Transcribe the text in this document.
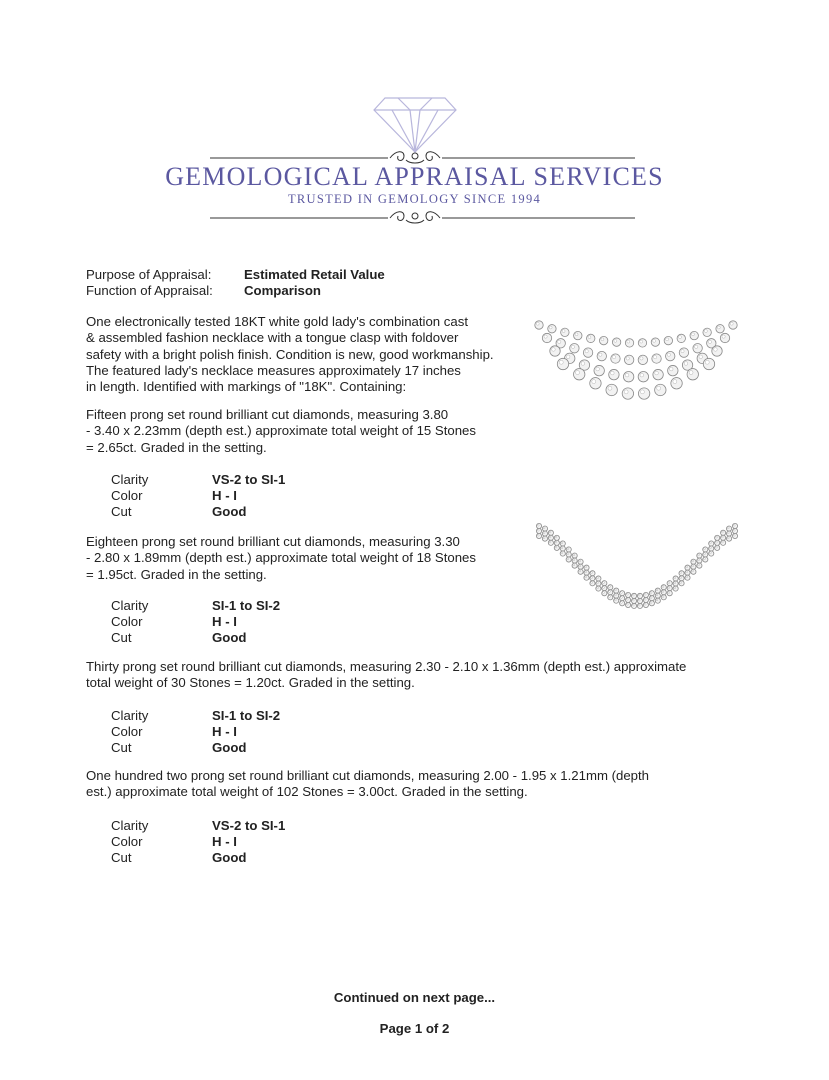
GEMOLOGICAL APPRAISAL SERVICES
TRUSTED IN GEMOLOGY SINCE 1994
Purpose of Appraisal: Estimated Retail Value
Function of Appraisal: Comparison
One electronically tested 18KT white gold lady's combination cast
& assembled fashion necklace with a tongue clasp with foldover
safety with a bright polish finish. Condition is new, good workmanship.
The featured lady's necklace measures approximately 17 inches
in length. Identified with markings of "18K". Containing:
Fifteen prong set round brilliant cut diamonds, measuring 3.80
- 3.40 x 2.23mm (depth est.) approximate total weight of 15 Stones
= 2.65ct. Graded in the setting.
Clarity	VS-2 to SI-1
Color	H - I
Cut	Good
Eighteen prong set round brilliant cut diamonds, measuring 3.30
- 2.80 x 1.89mm (depth est.) approximate total weight of 18 Stones
= 1.95ct. Graded in the setting.
Clarity	SI-1 to SI-2
Color	H - I
Cut	Good
Thirty prong set round brilliant cut diamonds, measuring 2.30 - 2.10 x 1.36mm (depth est.) approximate
total weight of 30 Stones = 1.20ct. Graded in the setting.
Clarity	SI-1 to SI-2
Color	H - I
Cut	Good
One hundred two prong set round brilliant cut diamonds, measuring 2.00 - 1.95 x 1.21mm (depth
est.) approximate total weight of 102 Stones = 3.00ct. Graded in the setting.
Clarity	VS-2 to SI-1
Color	H - I
Cut	Good
Continued on next page...
Page 1 of 2
